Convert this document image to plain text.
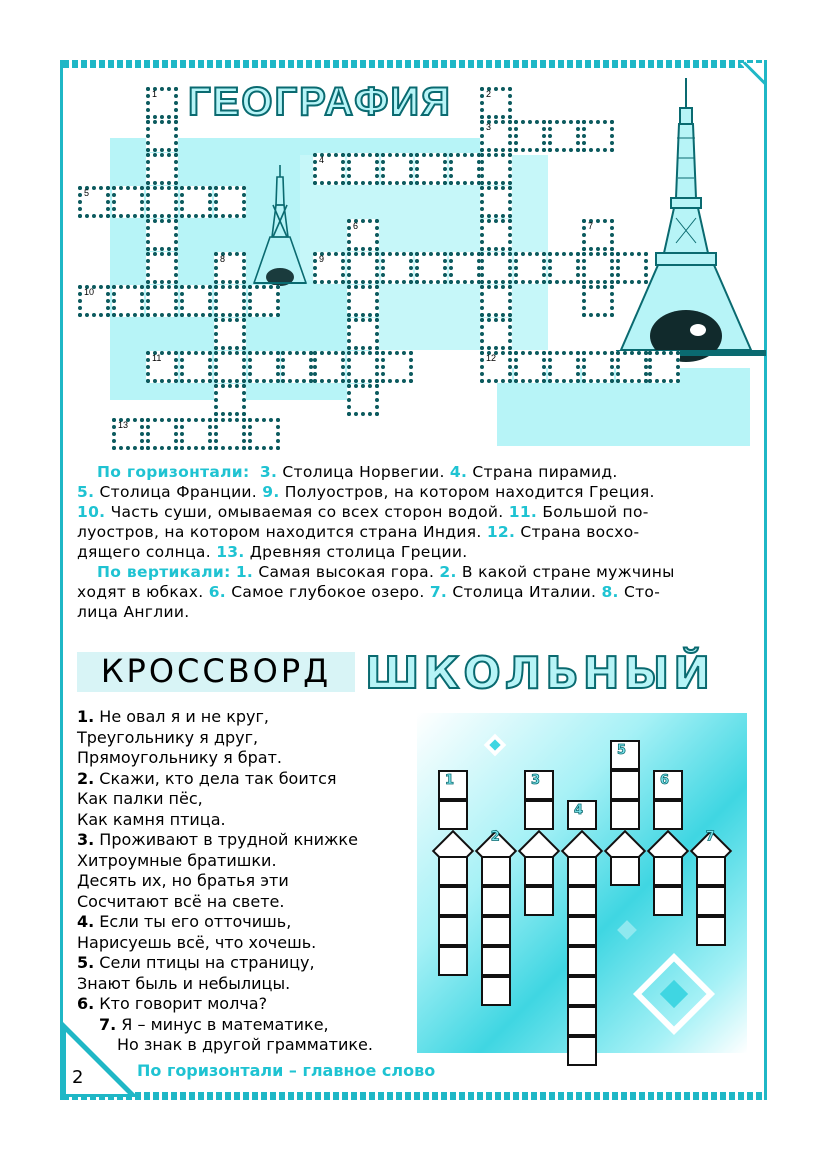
ГЕОГРАФИЯ
1	2
3
4
5
6	7
8	9
10
11	12
13
По горизонтали: 3. Столица Норвегии. 4. Страна пирамид.
5. Столица Франции. 9. Полуостров, на котором находится Греция.
10. Часть суши, омываемая со всех сторон водой. 11. Большой по-
луостров, на котором находится страна Индия. 12. Страна восхо-
дящего солнца. 13. Древняя столица Греции.
По вертикали: 1. Самая высокая гора. 2. В какой стране мужчины
ходят в юбках. 6. Самое глубокое озеро. 7. Столица Италии. 8. Сто-
лица Англии.
КРОССВОРД ШКОЛЬНЫЙ
1. Не овал я и не круг,
Треугольнику я друг,
Прямоугольнику я брат.
2. Скажи, кто дела так боится
Как палки пёс,
Как камня птица.
3. Проживают в трудной книжке
Хитроумные братишки.
Десять их, но братья эти
Сосчитают всё на свете.
4. Если ты его отточишь,
Нарисуешь всё, что хочешь.
5. Сели птицы на страницу,
Знают быль и небылицы.
6. Кто говорит молча?
7. Я – минус в математике,
Но знак в другой грамматике.
1
2
3
4
5
6
7
По горизонтали – главное слово
2
